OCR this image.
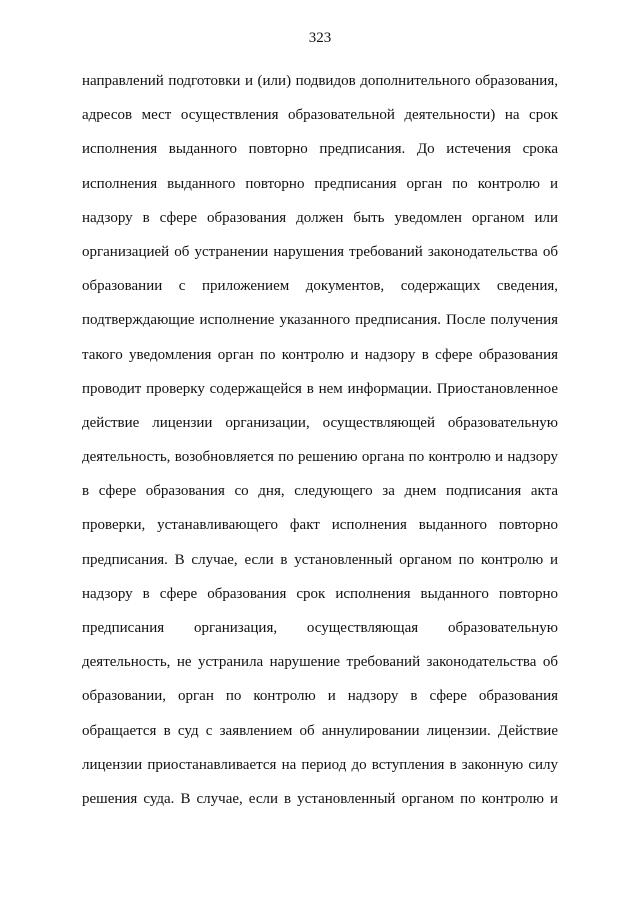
323
направлений подготовки и (или) подвидов дополнительного образования,
адресов мест осуществления образовательной деятельности) на срок
исполнения выданного повторно предписания. До истечения срока
исполнения выданного повторно предписания орган по контролю и
надзору в сфере образования должен быть уведомлен органом или
организацией об устранении нарушения требований законодательства об
образовании с приложением документов, содержащих сведения,
подтверждающие исполнение указанного предписания. После получения
такого уведомления орган по контролю и надзору в сфере образования
проводит проверку содержащейся в нем информации. Приостановленное
действие лицензии организации, осуществляющей образовательную
деятельность, возобновляется по решению органа по контролю и надзору
в сфере образования со дня, следующего за днем подписания акта
проверки, устанавливающего факт исполнения выданного повторно
предписания. В случае, если в установленный органом по контролю и
надзору в сфере образования срок исполнения выданного повторно
предписания организация, осуществляющая образовательную
деятельность, не устранила нарушение требований законодательства об
образовании, орган по контролю и надзору в сфере образования
обращается в суд с заявлением об аннулировании лицензии. Действие
лицензии приостанавливается на период до вступления в законную силу
решения суда. В случае, если в установленный органом по контролю и
